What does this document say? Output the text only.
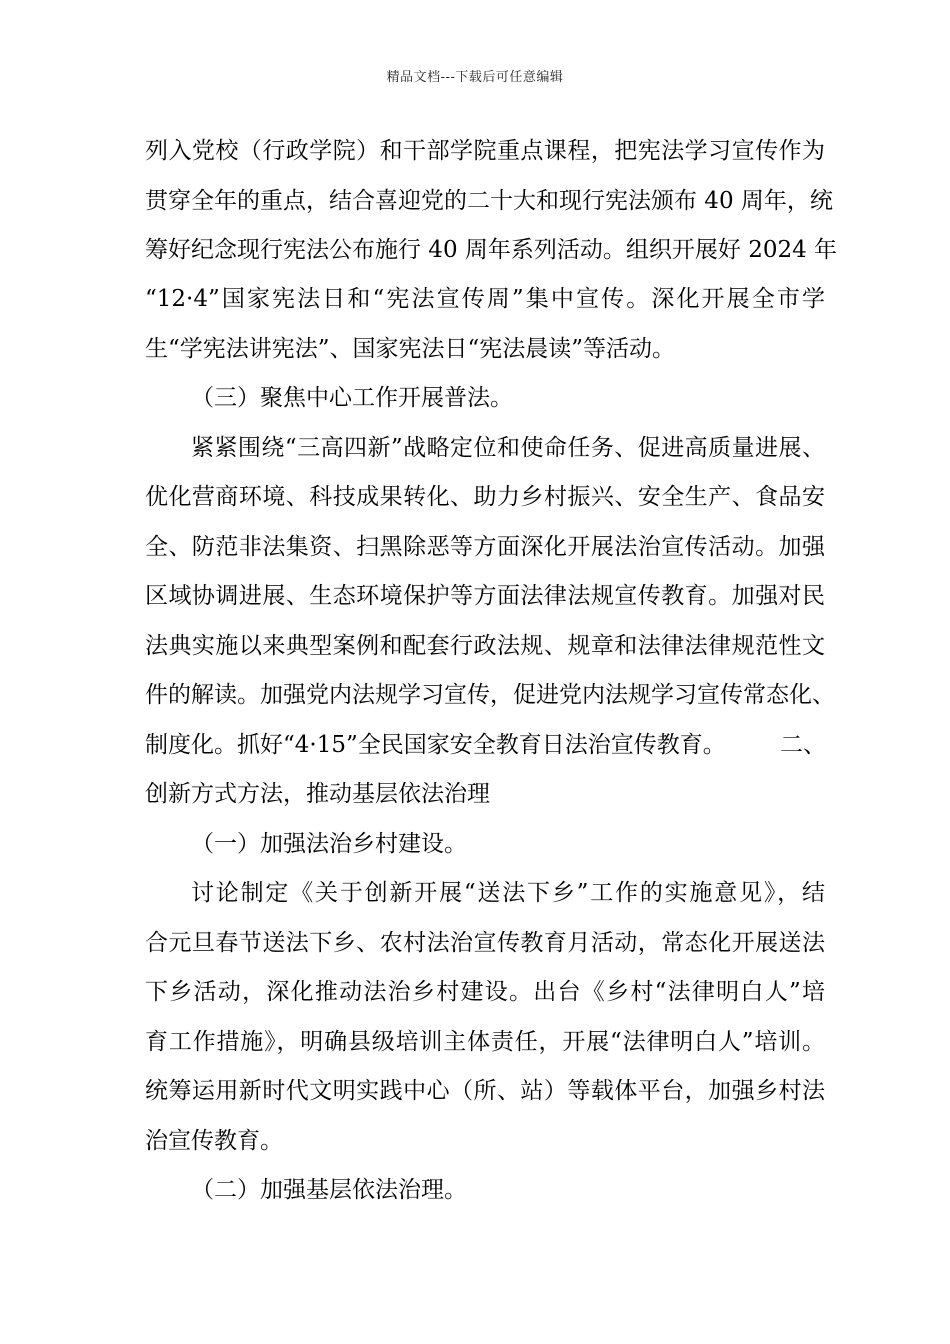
精品文档---下载后可任意编辑
列入党校（行政学院）和干部学院重点课程，把宪法学习宣传作为
贯穿全年的重点，结合喜迎党的二十大和现行宪法颁布 40 周年，统
筹好纪念现行宪法公布施行 40 周年系列活动。组织开展好 2024 年
“12·4”国家宪法日和“宪法宣传周”集中宣传。深化开展全市学
生“学宪法讲宪法”、国家宪法日“宪法晨读”等活动。
（三）聚焦中心工作开展普法。
紧紧围绕“三高四新”战略定位和使命任务、促进高质量进展、
优化营商环境、科技成果转化、助力乡村振兴、安全生产、食品安
全、防范非法集资、扫黑除恶等方面深化开展法治宣传活动。加强
区域协调进展、生态环境保护等方面法律法规宣传教育。加强对民
法典实施以来典型案例和配套行政法规、规章和法律法律规范性文
件的解读。加强党内法规学习宣传，促进党内法规学习宣传常态化、
制度化。抓好“4·15”全民国家安全教育日法治宣传教育。	二、
创新方式方法，推动基层依法治理
（一）加强法治乡村建设。
讨论制定《关于创新开展“送法下乡”工作的实施意见》，结
合元旦春节送法下乡、农村法治宣传教育月活动，常态化开展送法
下乡活动，深化推动法治乡村建设。出台《乡村“法律明白人”培
育工作措施》，明确县级培训主体责任，开展“法律明白人”培训。
统筹运用新时代文明实践中心（所、站）等载体平台，加强乡村法
治宣传教育。
（二）加强基层依法治理。
